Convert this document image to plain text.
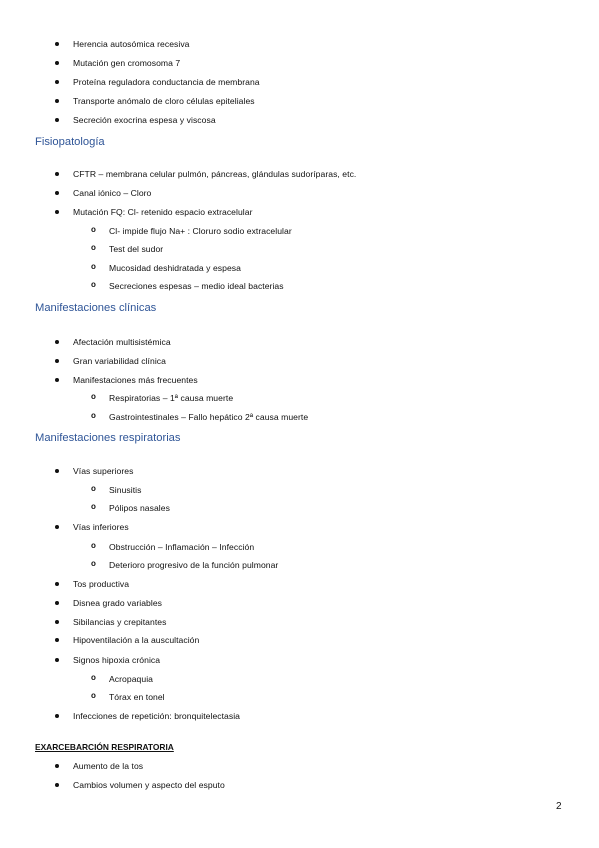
Herencia autosómica recesiva
Mutación gen cromosoma 7
Proteína reguladora conductancia de membrana
Transporte anómalo de cloro células epiteliales
Secreción exocrina espesa y viscosa
Fisiopatología
CFTR – membrana celular pulmón, páncreas, glándulas sudoríparas, etc.
Canal iónico – Cloro
Mutación FQ: Cl- retenido espacio extracelular
o Cl- impide flujo Na+ : Cloruro sodio extracelular
o Test del sudor
o Mucosidad deshidratada y espesa
o Secreciones espesas – medio ideal bacterias
Manifestaciones clínicas
Afectación multisistémica
Gran variabilidad clínica
Manifestaciones más frecuentes
o Respiratorias – 1ª causa muerte
o Gastrointestinales – Fallo hepático 2ª causa muerte
Manifestaciones respiratorias
Vías superiores
o Sinusitis
o Pólipos nasales
Vías inferiores
o Obstrucción – Inflamación – Infección
o Deterioro progresivo de la función pulmonar
Tos productiva
Disnea grado variables
Sibilancias y crepitantes
Hipoventilación a la auscultación
Signos hipoxia crónica
o Acropaquia
o Tórax en tonel
Infecciones de repetición: bronquitelectasia
EXARCEBARCIÓN RESPIRATORIA
Aumento de la tos
Cambios volumen y aspecto del esputo
2
